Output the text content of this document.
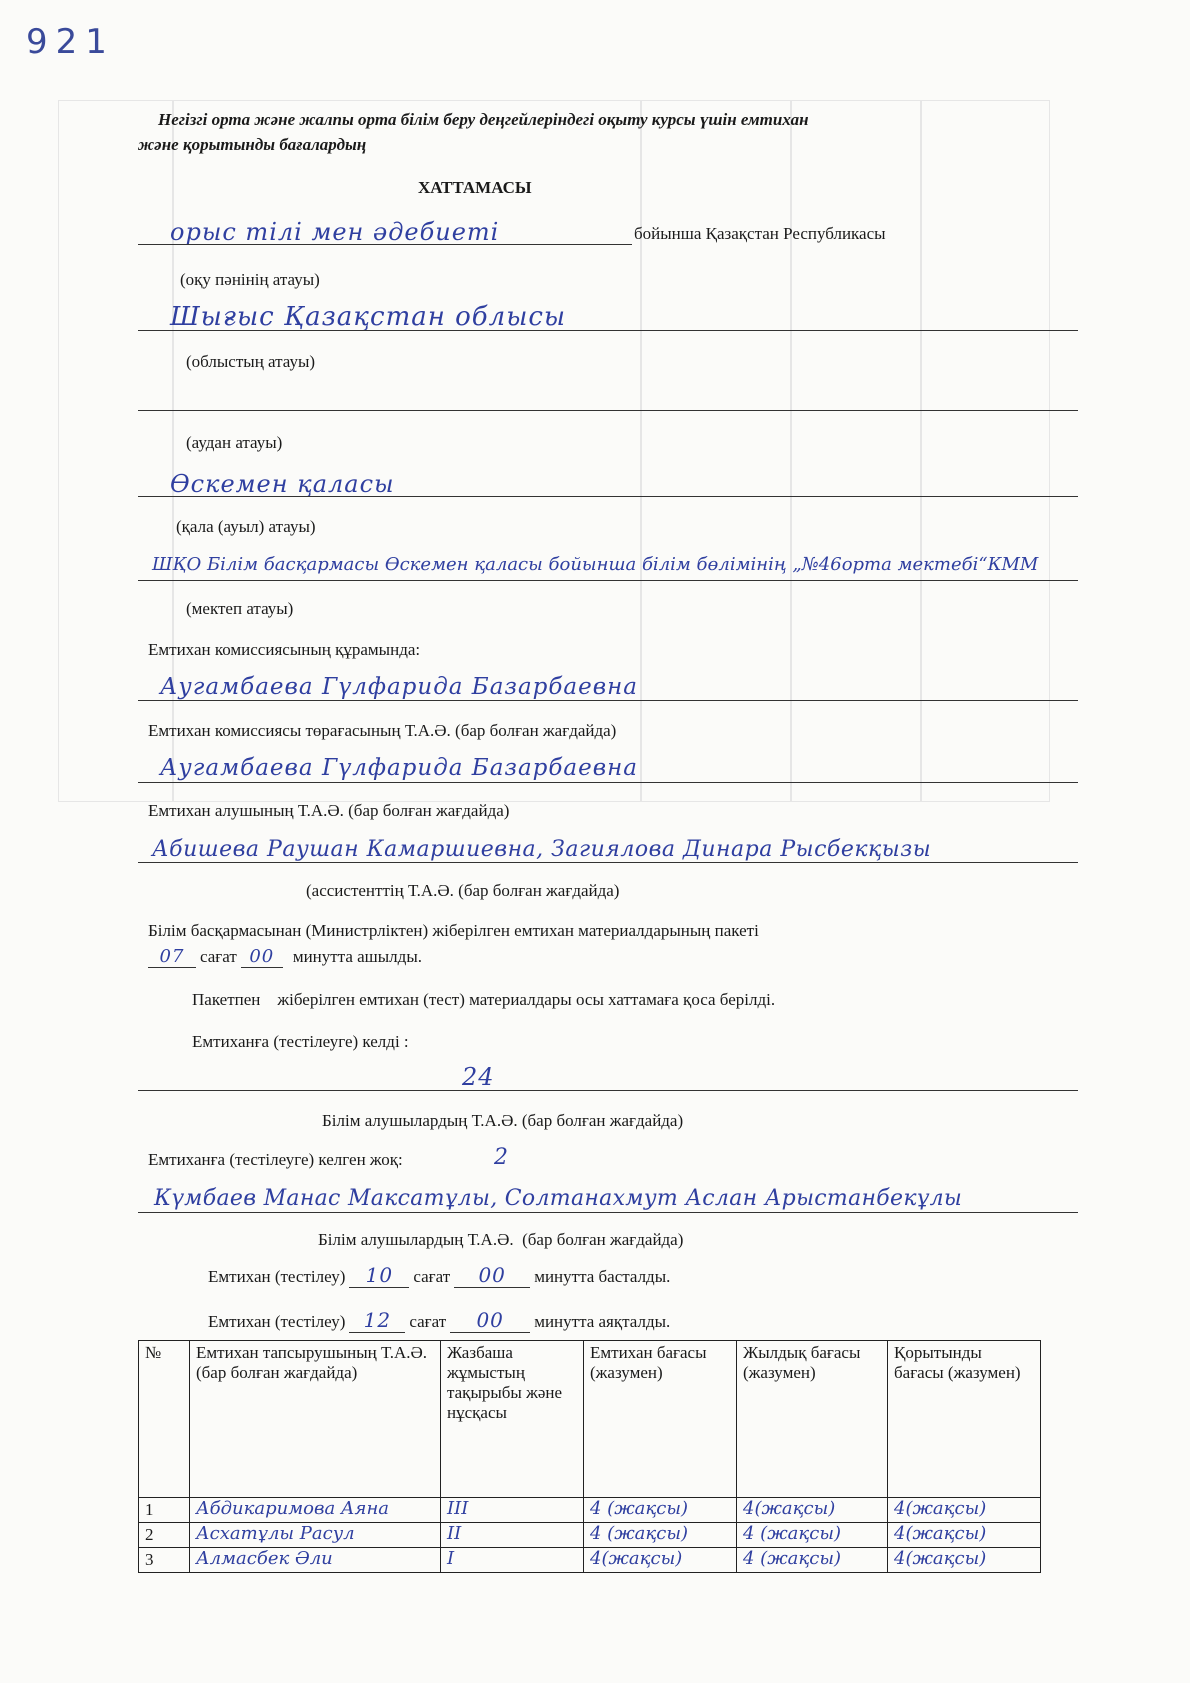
921
Негізгі орта және жалпы орта білім беру деңгейлеріндегі оқыту курсы үшін емтихан
және қорытынды бағалардың
ХАТТАМАСЫ
орыс тілі мен әдебиеті	бойынша Қазақстан Республикасы
(оқу пәнінің атауы)
Шығыс Қазақстан облысы
(облыстың атауы)
(аудан атауы)
Өскемен қаласы
(қала (ауыл) атауы)
ШҚО Білім басқармасы Өскемен қаласы бойынша білім бөлімінің „№46орта мектебі“КММ
(мектеп атауы)
Емтихан комиссиясының құрамында:
Аугамбаева Гүлфарида Базарбаевна
Емтихан комиссиясы төрағасының Т.А.Ә. (бар болған жағдайда)
Аугамбаева Гүлфарида Базарбаевна
Емтихан алушының Т.А.Ә. (бар болған жағдайда)
Абишева Раушан Камаршиевна, Загиялова Динара Рысбекқызы
(ассистенттің Т.А.Ә. (бар болған жағдайда)
Білім басқармасынан (Министрліктен) жіберілген емтихан материалдарының пакеті
07 сағат 00 минутта ашылды.
Пакетпен    жіберілген емтихан (тест) материалдары осы хаттамаға қоса берілді.
Емтиханға (тестілеуге) келді :
24
Білім алушылардың Т.А.Ә. (бар болған жағдайда)
Емтиханға (тестілеуге) келген жоқ:	2
Күмбаев Манас Максатұлы, Солтанахмут Аслан Арыстанбекұлы
Білім алушылардың Т.А.Ә.  (бар болған жағдайда)
Емтихан (тестілеу) 10 сағат 00 минутта басталды.
Емтихан (тестілеу) 12 сағат 00 минутта аяқталды.
№	Емтихан тапсырушының Т.А.Ә. (бар болған жағдайда)	Жазбаша жұмыстың тақырыбы және нұсқасы	Емтихан бағасы (жазумен)	Жылдық бағасы (жазумен)	Қорытынды бағасы (жазумен)
1	Абдикаримова Аяна	III	4 (жақсы)	4(жақсы)	4(жақсы)
2	Асхатұлы Расул	II	4 (жақсы)	4 (жақсы)	4(жақсы)
3	Алмасбек Әли	I	4(жақсы)	4 (жақсы)	4(жақсы)
